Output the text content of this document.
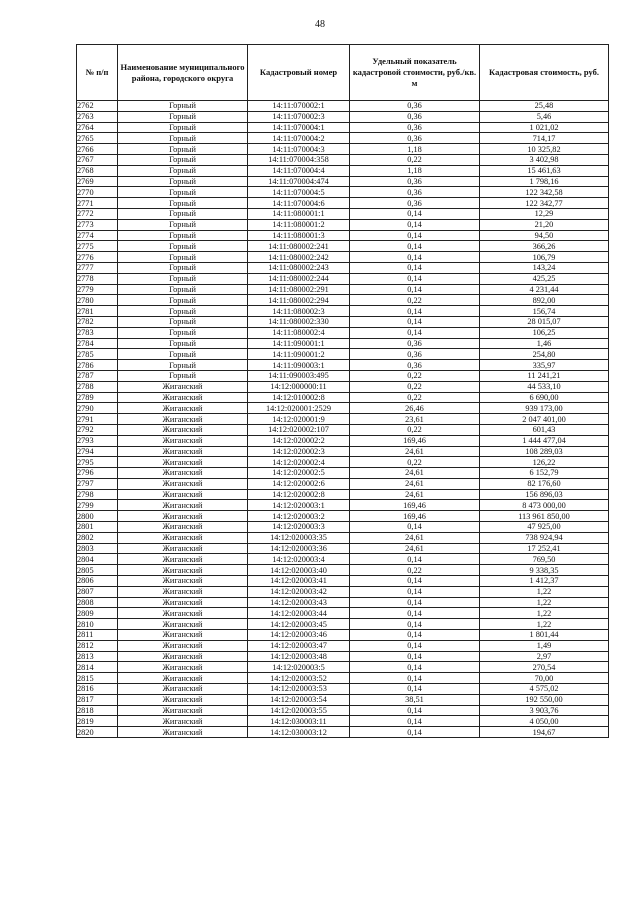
48
№ п/п	Наименование муниципального района, городского округа	Кадастровый номер	Удельный показатель кадастровой стоимости, руб./кв. м	Кадастровая стоимость, руб.
2762	Горный	14:11:070002:1	0,36	25,48
2763	Горный	14:11:070002:3	0,36	5,46
2764	Горный	14:11:070004:1	0,36	1 021,02
2765	Горный	14:11:070004:2	0,36	714,17
2766	Горный	14:11:070004:3	1,18	10 325,82
2767	Горный	14:11:070004:358	0,22	3 402,98
2768	Горный	14:11:070004:4	1,18	15 461,63
2769	Горный	14:11:070004:474	0,36	1 798,16
2770	Горный	14:11:070004:5	0,36	122 342,58
2771	Горный	14:11:070004:6	0,36	122 342,77
2772	Горный	14:11:080001:1	0,14	12,29
2773	Горный	14:11:080001:2	0,14	21,20
2774	Горный	14:11:080001:3	0,14	94,50
2775	Горный	14:11:080002:241	0,14	366,26
2776	Горный	14:11:080002:242	0,14	106,79
2777	Горный	14:11:080002:243	0,14	143,24
2778	Горный	14:11:080002:244	0,14	425,25
2779	Горный	14:11:080002:291	0,14	4 231,44
2780	Горный	14:11:080002:294	0,22	892,00
2781	Горный	14:11:080002:3	0,14	156,74
2782	Горный	14:11:080002:330	0,14	28 015,07
2783	Горный	14:11:080002:4	0,14	106,25
2784	Горный	14:11:090001:1	0,36	1,46
2785	Горный	14:11:090001:2	0,36	254,80
2786	Горный	14:11:090003:1	0,36	335,97
2787	Горный	14:11:090003:495	0,22	11 241,21
2788	Жиганский	14:12:000000:11	0,22	44 533,10
2789	Жиганский	14:12:010002:8	0,22	6 690,00
2790	Жиганский	14:12:020001:2529	26,46	939 173,00
2791	Жиганский	14:12:020001:9	23,61	2 047 401,00
2792	Жиганский	14:12:020002:107	0,22	601,43
2793	Жиганский	14:12:020002:2	169,46	1 444 477,04
2794	Жиганский	14:12:020002:3	24,61	108 289,03
2795	Жиганский	14:12:020002:4	0,22	126,22
2796	Жиганский	14:12:020002:5	24,61	6 152,79
2797	Жиганский	14:12:020002:6	24,61	82 176,60
2798	Жиганский	14:12:020002:8	24,61	156 896,03
2799	Жиганский	14:12:020003:1	169,46	8 473 000,00
2800	Жиганский	14:12:020003:2	169,46	113 961 850,00
2801	Жиганский	14:12:020003:3	0,14	47 925,00
2802	Жиганский	14:12:020003:35	24,61	738 924,94
2803	Жиганский	14:12:020003:36	24,61	17 252,41
2804	Жиганский	14:12:020003:4	0,14	769,50
2805	Жиганский	14:12:020003:40	0,22	9 338,35
2806	Жиганский	14:12:020003:41	0,14	1 412,37
2807	Жиганский	14:12:020003:42	0,14	1,22
2808	Жиганский	14:12:020003:43	0,14	1,22
2809	Жиганский	14:12:020003:44	0,14	1,22
2810	Жиганский	14:12:020003:45	0,14	1,22
2811	Жиганский	14:12:020003:46	0,14	1 801,44
2812	Жиганский	14:12:020003:47	0,14	1,49
2813	Жиганский	14:12:020003:48	0,14	2,97
2814	Жиганский	14:12:020003:5	0,14	270,54
2815	Жиганский	14:12:020003:52	0,14	70,00
2816	Жиганский	14:12:020003:53	0,14	4 575,02
2817	Жиганский	14:12:020003:54	38,51	192 550,00
2818	Жиганский	14:12:020003:55	0,14	3 903,76
2819	Жиганский	14:12:030003:11	0,14	4 050,00
2820	Жиганский	14:12:030003:12	0,14	194,67
